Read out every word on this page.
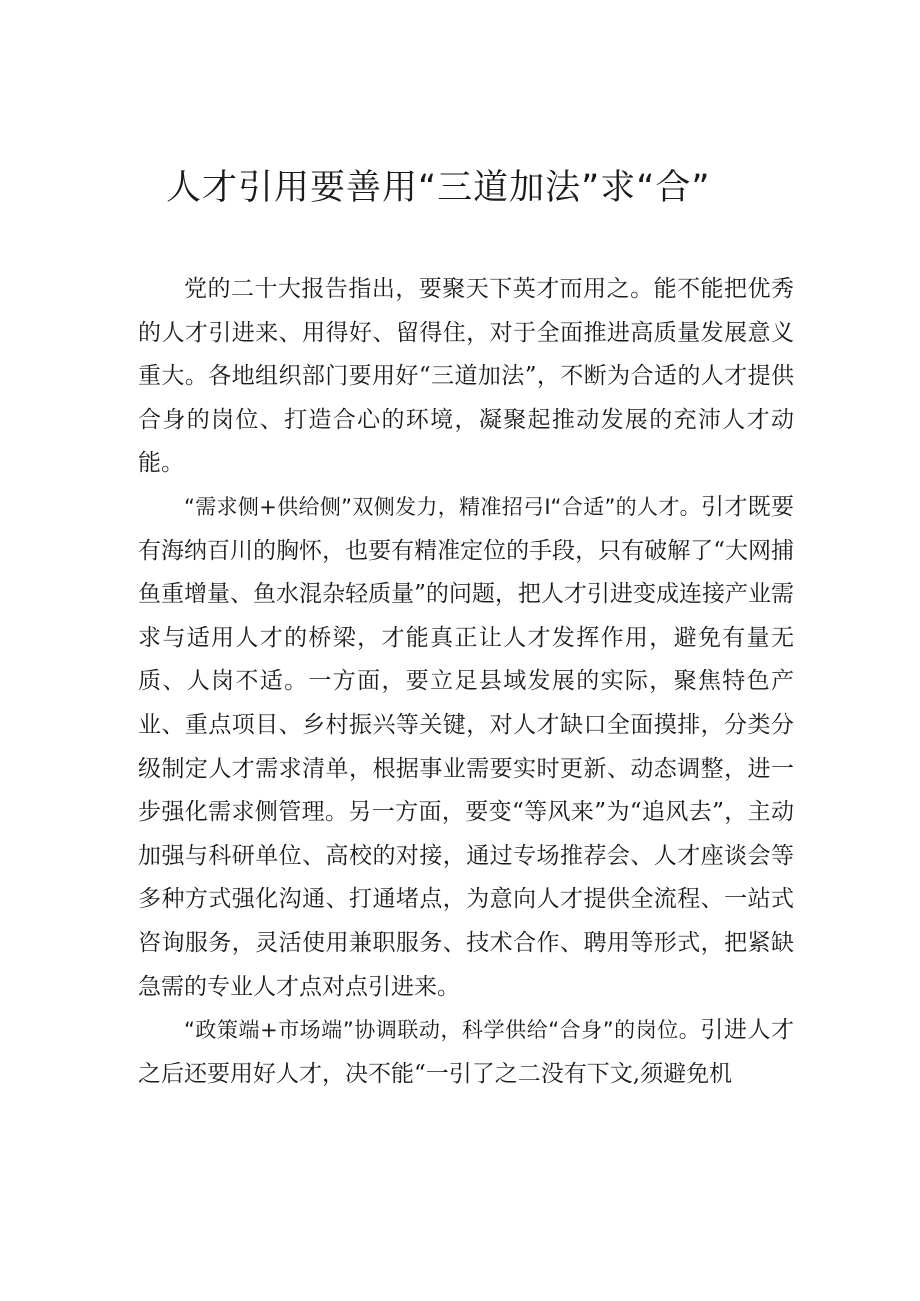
人才引用要善用“三道加法”求“合”

党的二十大报告指出，要聚天下英才而用之。能不能把优秀的人才引进来、用得好、留得住，对于全面推进高质量发展意义重大。各地组织部门要用好“三道加法”，不断为合适的人才提供合身的岗位、打造合心的环境，凝聚起推动发展的充沛人才动能。

“需求侧+供给侧”双侧发力，精准招弓I“合适”的人才。引才既要有海纳百川的胸怀，也要有精准定位的手段，只有破解了“大网捕鱼重增量、鱼水混杂轻质量”的问题，把人才引进变成连接产业需求与适用人才的桥梁，才能真正让人才发挥作用，避免有量无质、人岗不适。一方面，要立足县域发展的实际，聚焦特色产业、重点项目、乡村振兴等关键，对人才缺口全面摸排，分类分级制定人才需求清单，根据事业需要实时更新、动态调整，进一步强化需求侧管理。另一方面，要变“等风来”为“追风去”，主动加强与科研单位、高校的对接，通过专场推荐会、人才座谈会等多种方式强化沟通、打通堵点，为意向人才提供全流程、一站式咨询服务，灵活使用兼职服务、技术合作、聘用等形式，把紧缺急需的专业人才点对点引进来。

“政策端+市场端”协调联动，科学供给“合身”的岗位。引进人才之后还要用好人才，决不能“一引了之二没有下文,须避免机
